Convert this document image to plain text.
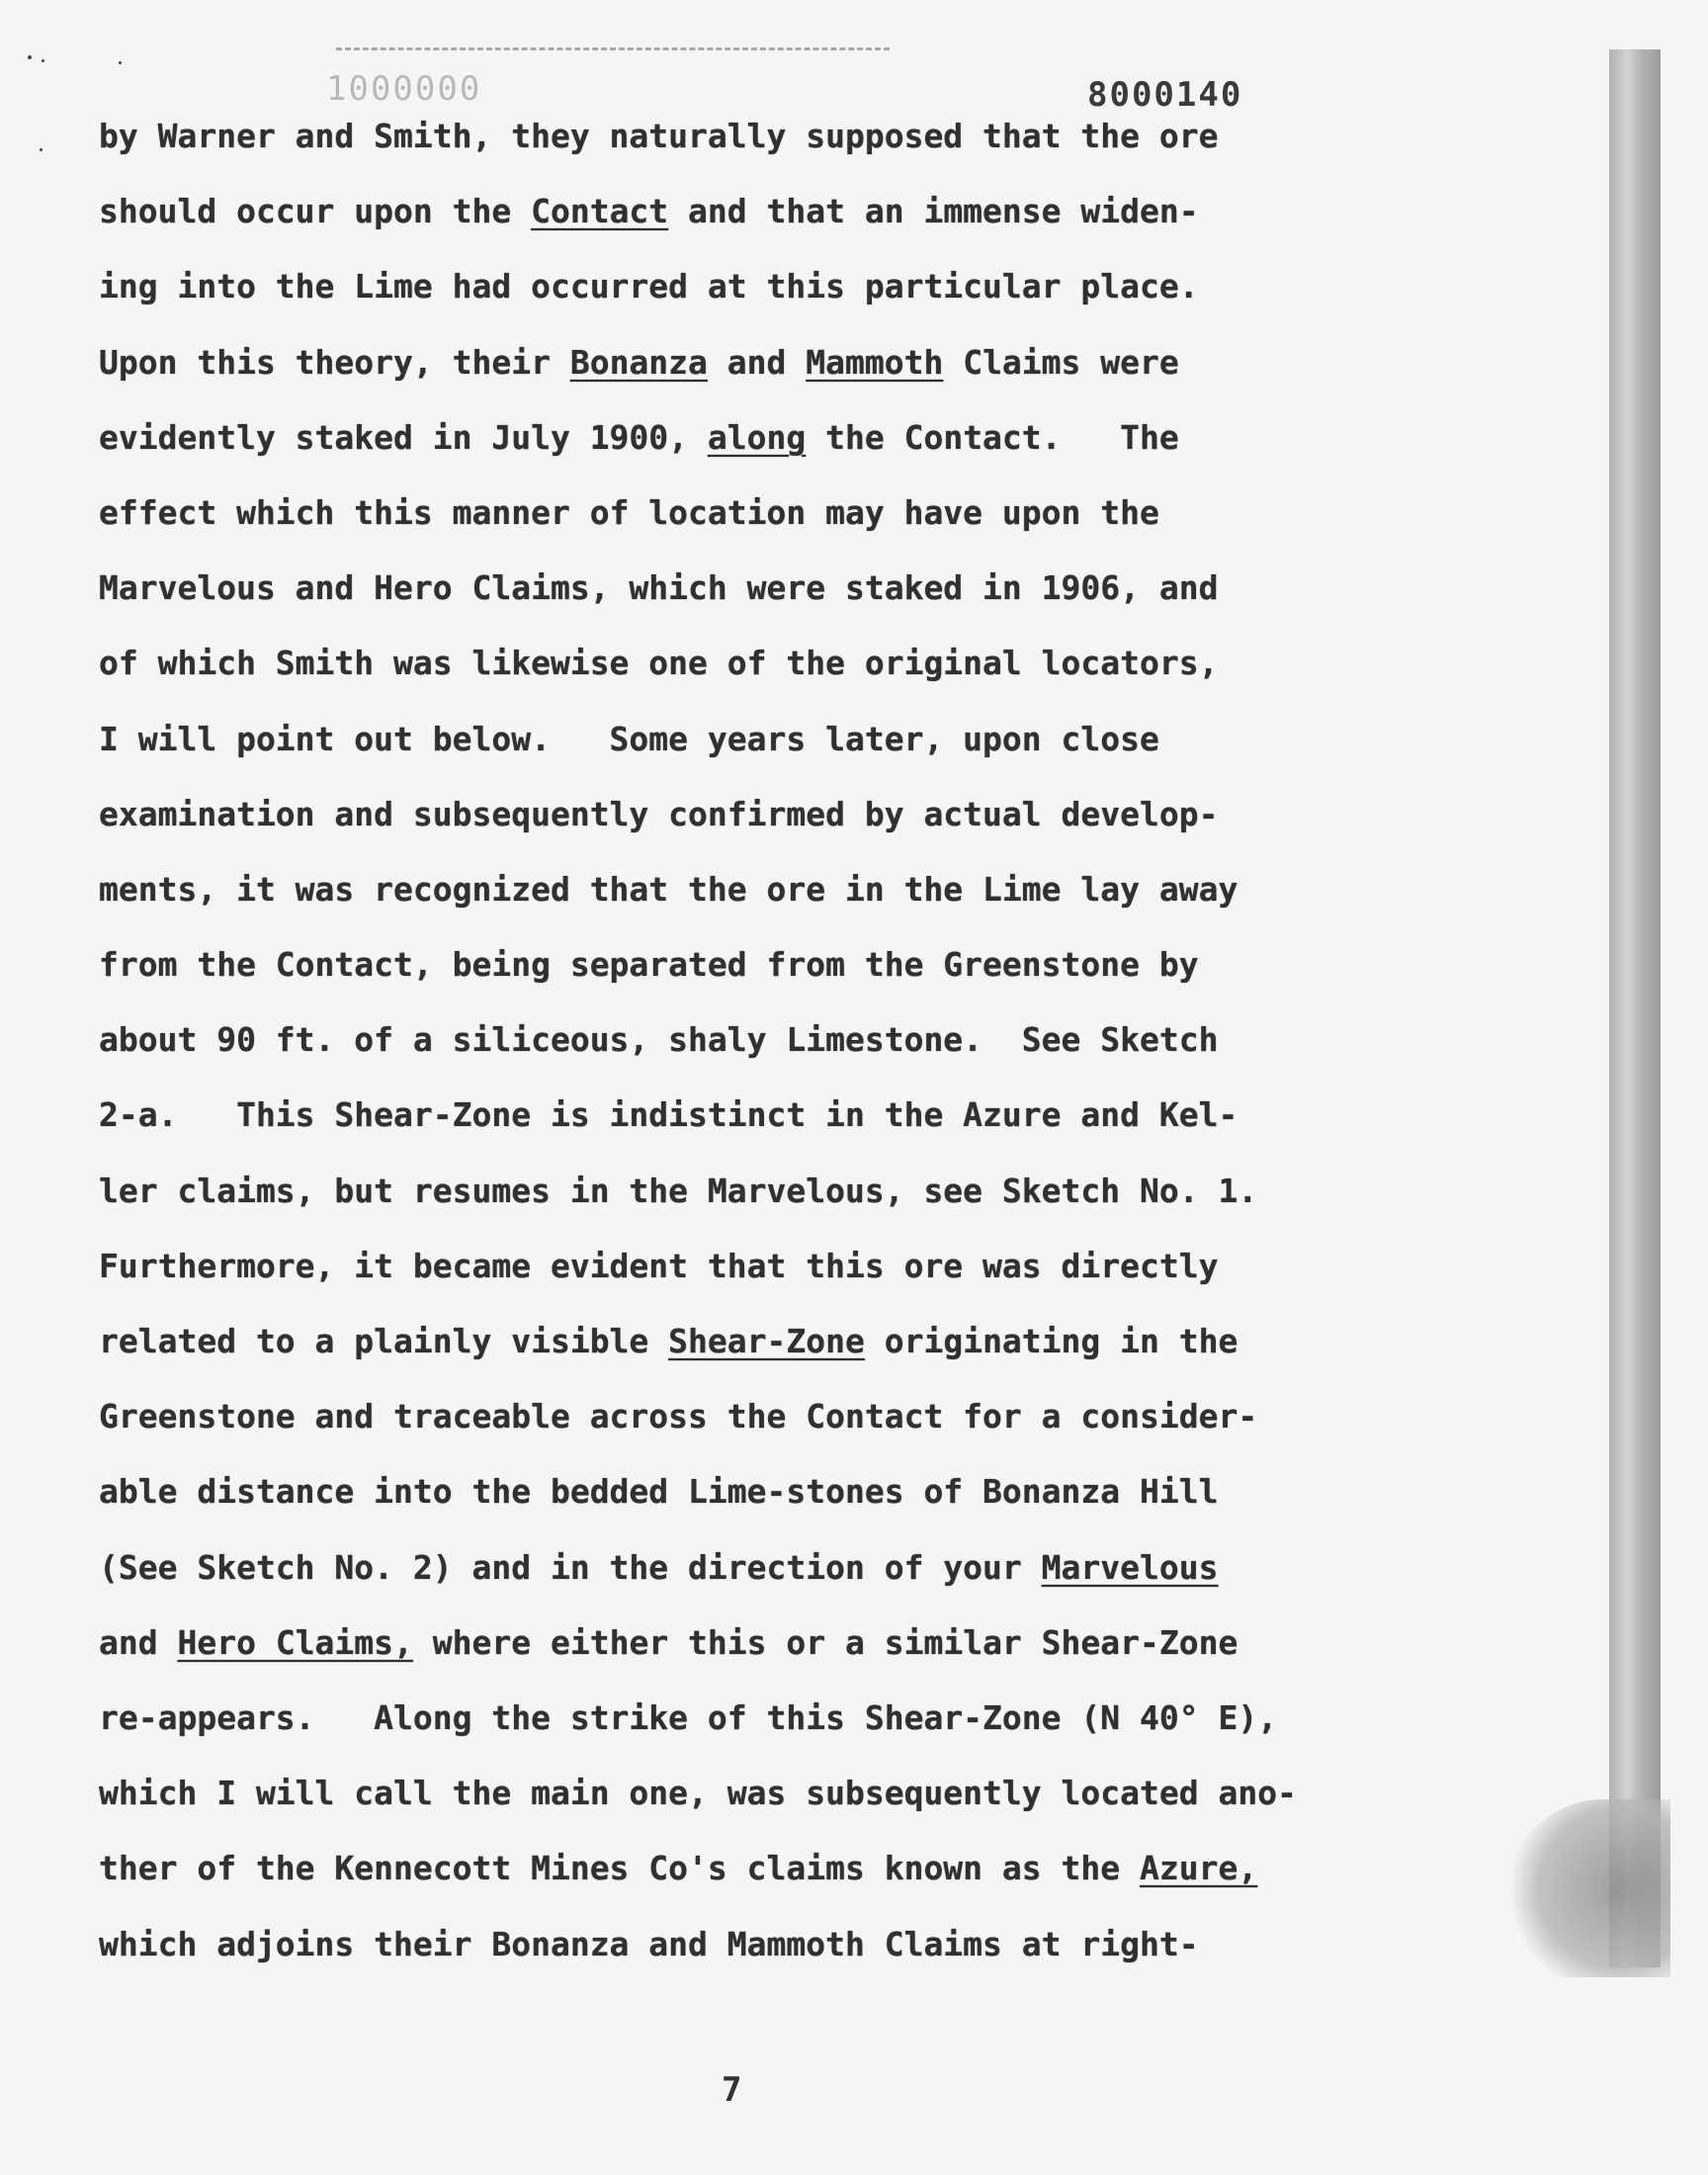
1000000	8000140
by Warner and Smith, they naturally supposed that the ore
should occur upon the Contact and that an immense widen-
ing into the Lime had occurred at this particular place.
Upon this theory, their Bonanza and Mammoth Claims were
evidently staked in July 1900, along the Contact.   The
effect which this manner of location may have upon the
Marvelous and Hero Claims, which were staked in 1906, and
of which Smith was likewise one of the original locators,
I will point out below.   Some years later, upon close
examination and subsequently confirmed by actual develop-
ments, it was recognized that the ore in the Lime lay away
from the Contact, being separated from the Greenstone by
about 90 ft. of a siliceous, shaly Limestone.  See Sketch
2-a.   This Shear-Zone is indistinct in the Azure and Kel-
ler claims, but resumes in the Marvelous, see Sketch No. 1.
Furthermore, it became evident that this ore was directly
related to a plainly visible Shear-Zone originating in the
Greenstone and traceable across the Contact for a consider-
able distance into the bedded Lime-stones of Bonanza Hill
(See Sketch No. 2) and in the direction of your Marvelous
and Hero Claims, where either this or a similar Shear-Zone
re-appears.   Along the strike of this Shear-Zone (N 40° E),
which I will call the main one, was subsequently located ano-
ther of the Kennecott Mines Co's claims known as the Azure,
which adjoins their Bonanza and Mammoth Claims at right-
7
